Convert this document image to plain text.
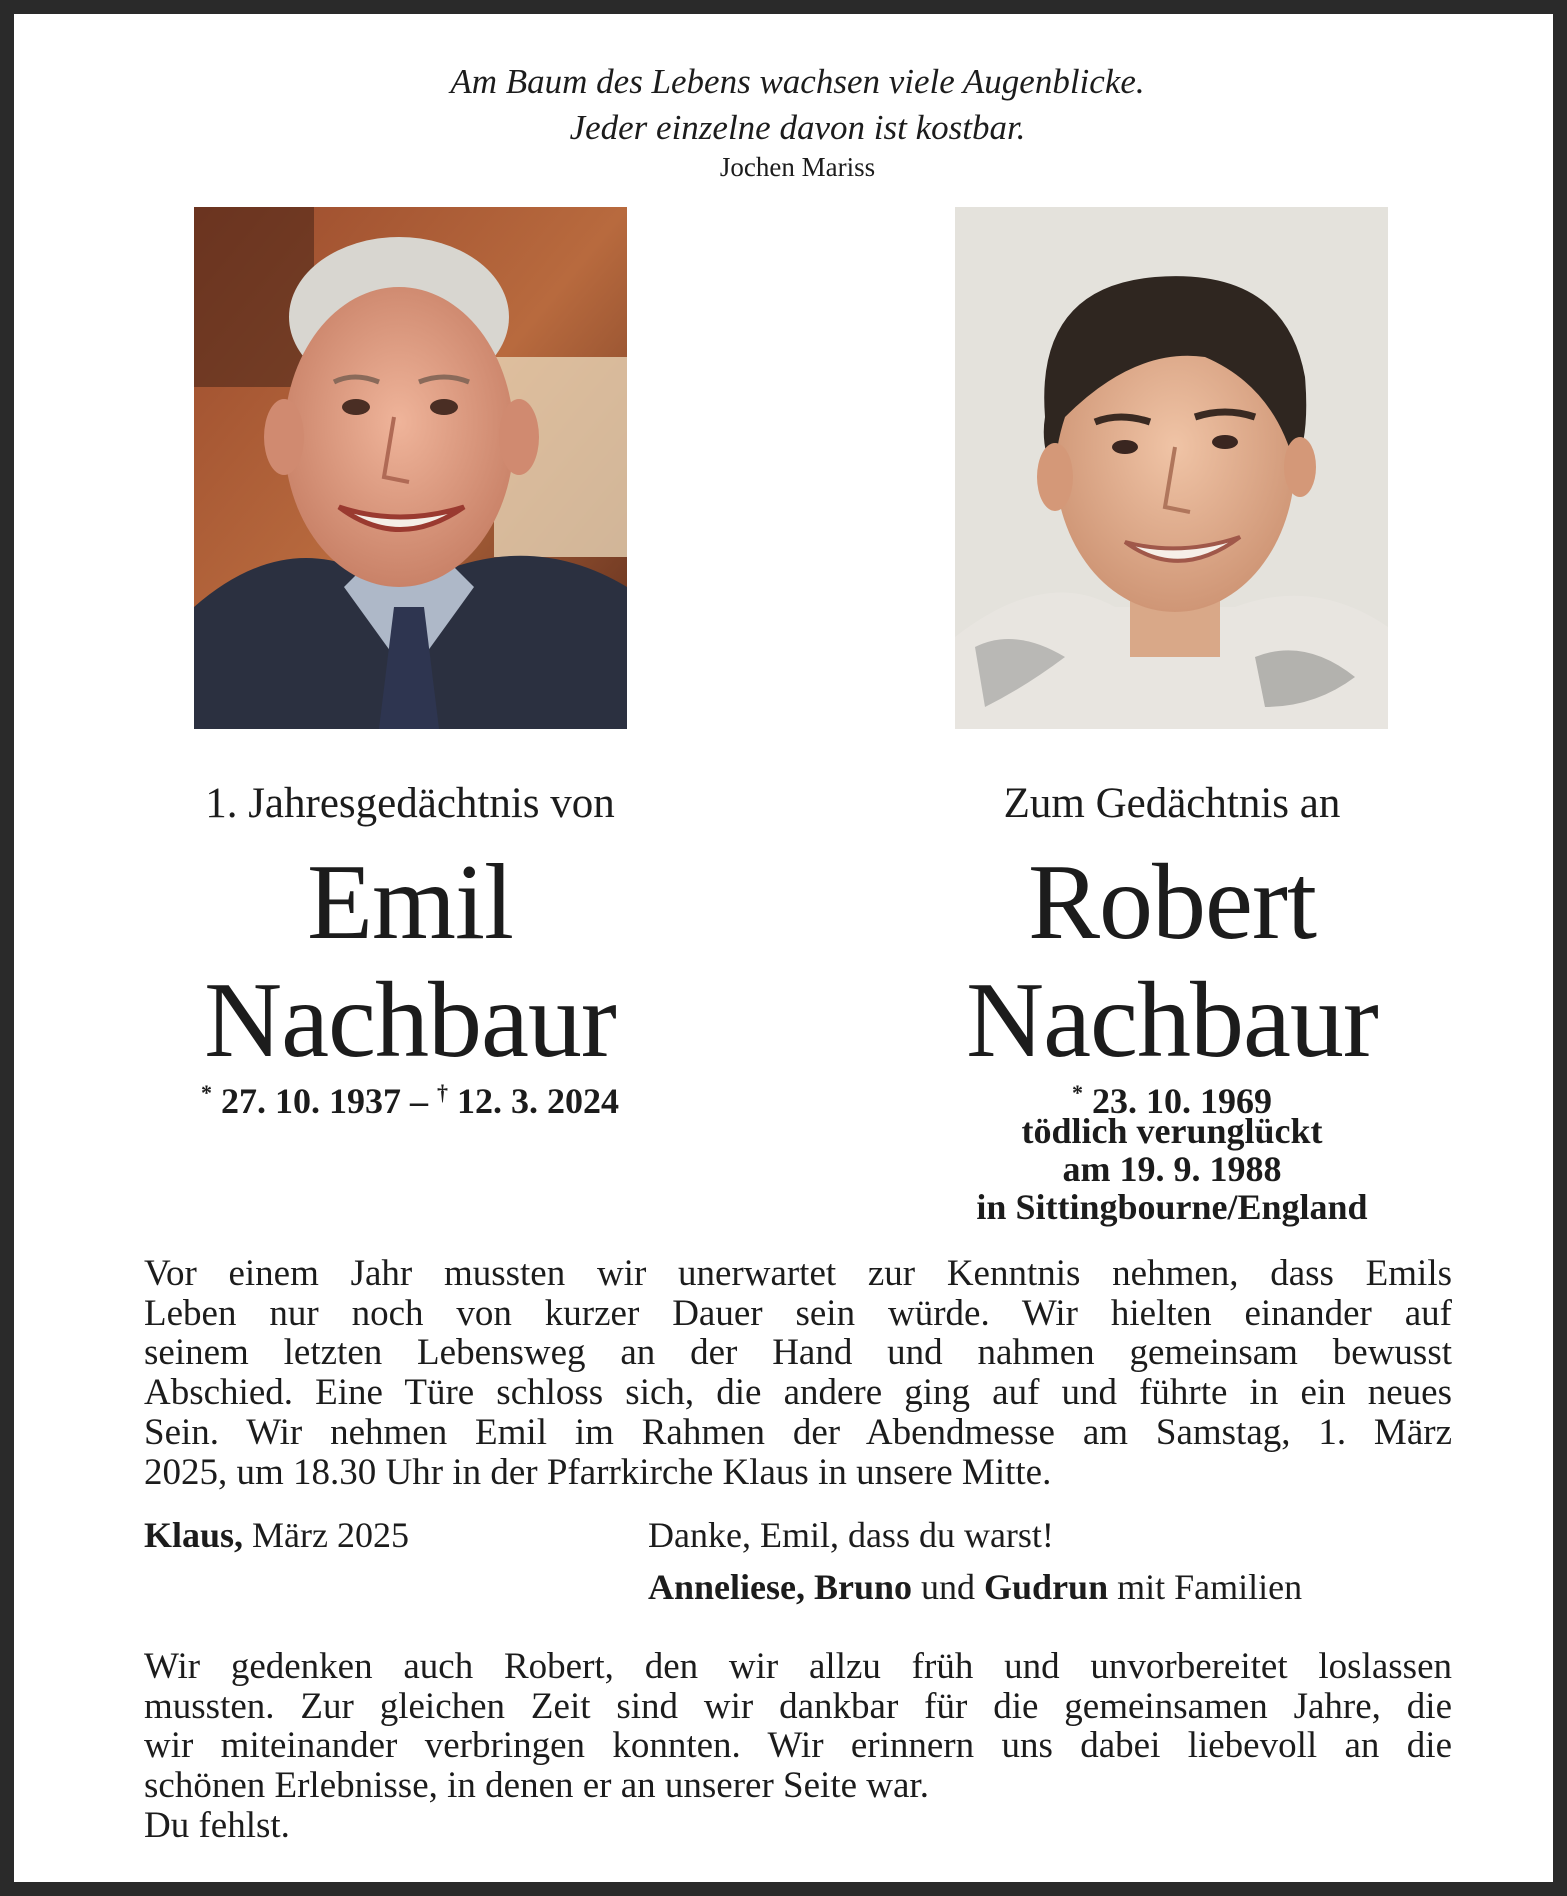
Am Baum des Lebens wachsen viele Augenblicke.
Jeder einzelne davon ist kostbar.
Jochen Mariss
1. Jahresgedächtnis von
Emil
Nachbaur
* 27. 10. 1937 – † 12. 3. 2024
Zum Gedächtnis an
Robert
Nachbaur
* 23. 10. 1969
tödlich verunglückt
am 19. 9. 1988
in Sittingbourne/England
Vor einem Jahr mussten wir unerwartet zur Kenntnis nehmen, dass Emils
Leben nur noch von kurzer Dauer sein würde. Wir hielten einander auf
seinem letzten Lebensweg an der Hand und nahmen gemeinsam bewusst
Abschied. Eine Türe schloss sich, die andere ging auf und führte in ein neues
Sein. Wir nehmen Emil im Rahmen der Abendmesse am Samstag, 1. März
2025, um 18.30 Uhr in der Pfarrkirche Klaus in unsere Mitte.
Klaus, März 2025	Danke, Emil, dass du warst!
Anneliese, Bruno und Gudrun mit Familien
Wir gedenken auch Robert, den wir allzu früh und unvorbereitet loslassen
mussten. Zur gleichen Zeit sind wir dankbar für die gemeinsamen Jahre, die
wir miteinander verbringen konnten. Wir erinnern uns dabei liebevoll an die
schönen Erlebnisse, in denen er an unserer Seite war.
Du fehlst.
